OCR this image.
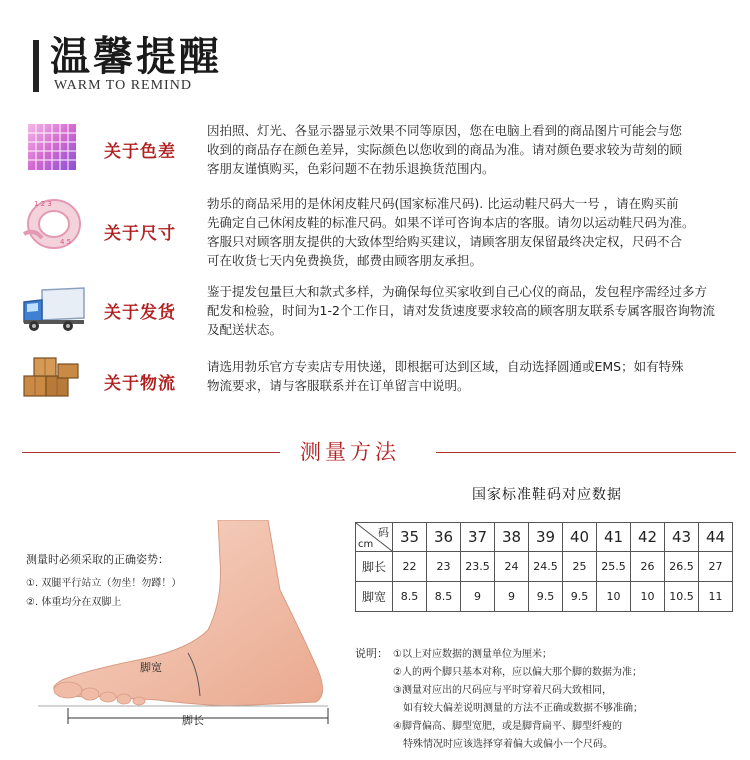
温馨提醒
WARM TO REMIND
关于色差
因拍照、灯光、各显示器显示效果不同等原因，您在电脑上看到的商品图片可能会与您
收到的商品存在颜色差异，实际颜色以您收到的商品为准。请对颜色要求较为苛刻的顾
客朋友谨慎购买，色彩问题不在勃乐退换货范围内。
1 2 3
4 5 关于尺寸
勃乐的商品采用的是休闲皮鞋尺码(国家标准尺码). 比运动鞋尺码大一号 ，请在购买前
先确定自己休闲皮鞋的标准尺码。如果不详可咨询本店的客服。请勿以运动鞋尺码为准。
客服只对顾客朋友提供的大致体型给购买建议，请顾客朋友保留最终决定权，尺码不合
可在收货七天内免费换货，邮费由顾客朋友承担。
关于发货
鉴于提发包量巨大和款式多样，为确保每位买家收到自己心仪的商品，发包程序需经过多方
配发和检验，时间为1-2个工作日，请对发货速度要求较高的顾客朋友联系专属客服咨询物流
及配送状态。
关于物流
请选用勃乐官方专卖店专用快递，即根据可达到区域，自动选择圆通或EMS；如有特殊
物流要求，请与客服联系并在订单留言中说明。
测量方法
测量时必须采取的正确姿势：
①. 双腿平行站立（勿坐！勿蹲！）
②. 体重均分在双脚上
脚宽
脚长
国家标准鞋码对应数据
码
cm	35	36	37	38	39	40	41	42	43	44
脚长	22	23	23.5	24	24.5	25	25.5	26	26.5	27
脚宽	8.5	8.5	9	9	9.5	9.5	10	10	10.5	11
说明： ①以上对应数据的测量单位为厘米；
②人的两个脚只基本对称，应以偏大那个脚的数据为准；
③测量对应出的尺码应与平时穿着尺码大致相同，
如有较大偏差说明测量的方法不正确或数据不够准确；
④脚背偏高、脚型宽肥，或是脚背扁平、脚型纤瘦的
特殊情况时应该选择穿着偏大或偏小一个尺码。
